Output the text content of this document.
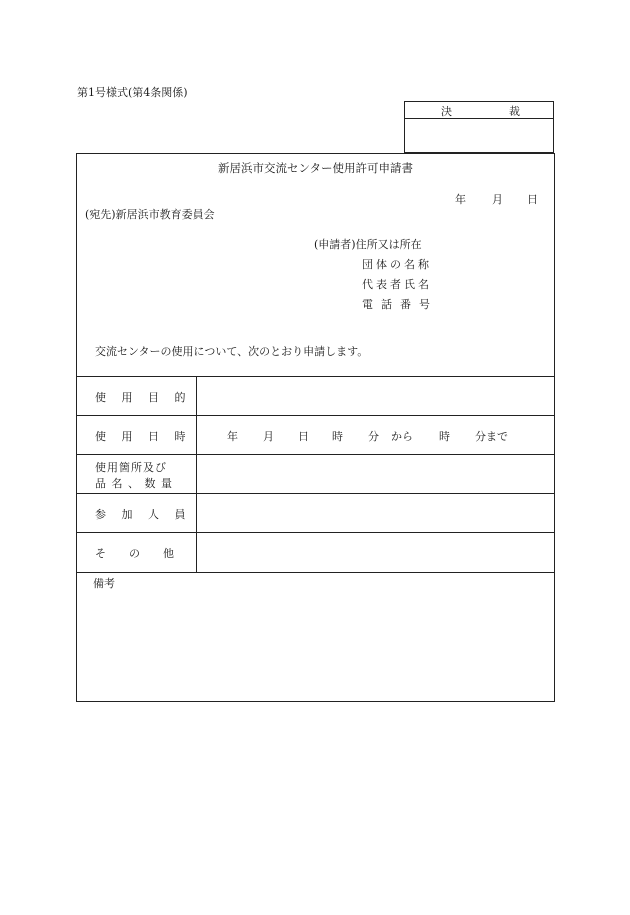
第1号様式(第4条関係)
決	裁
新居浜市交流センター使用許可申請書
年 月 日
(宛先)新居浜市教育委員会
(申請者)住所又は所在
団体の名称
代表者氏名
電話番号
交流センターの使用について、次のとおり申請します。
使 用 目 的
使 用 日 時	年 月 日 時 分 から 時 分まで
使用箇所及び
品 名 、 数 量
参 加 人 員
そ　の　他
備考
